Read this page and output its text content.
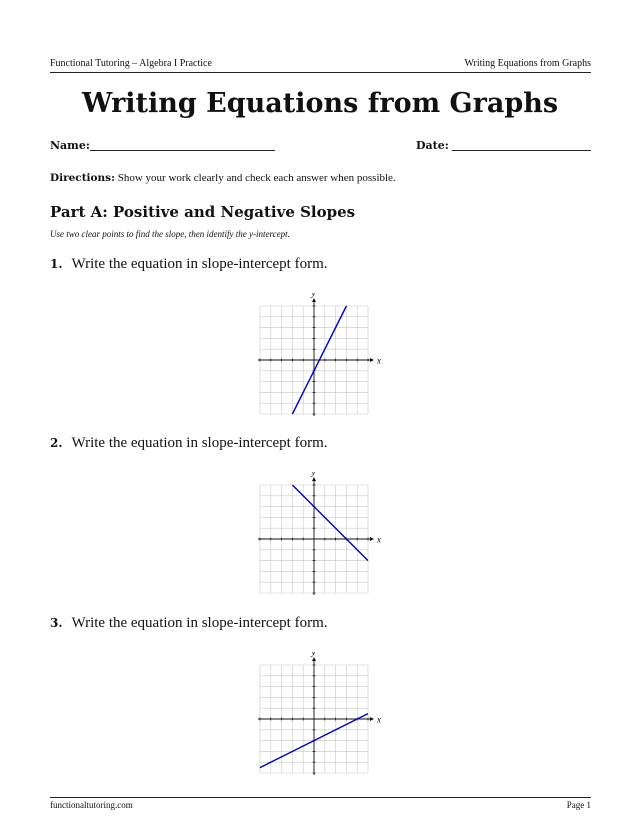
Functional Tutoring – Algebra I Practice	Writing Equations from Graphs
Writing Equations from Graphs
Name:	Date:
Directions: Show your work clearly and check each answer when possible.
Part A: Positive and Negative Slopes
Use two clear points to find the slope, then identify the y-intercept.
1. Write the equation in slope-intercept form.
x
y
2. Write the equation in slope-intercept form.
x
y
3. Write the equation in slope-intercept form.
x
y
functionaltutoring.com	Page 1
